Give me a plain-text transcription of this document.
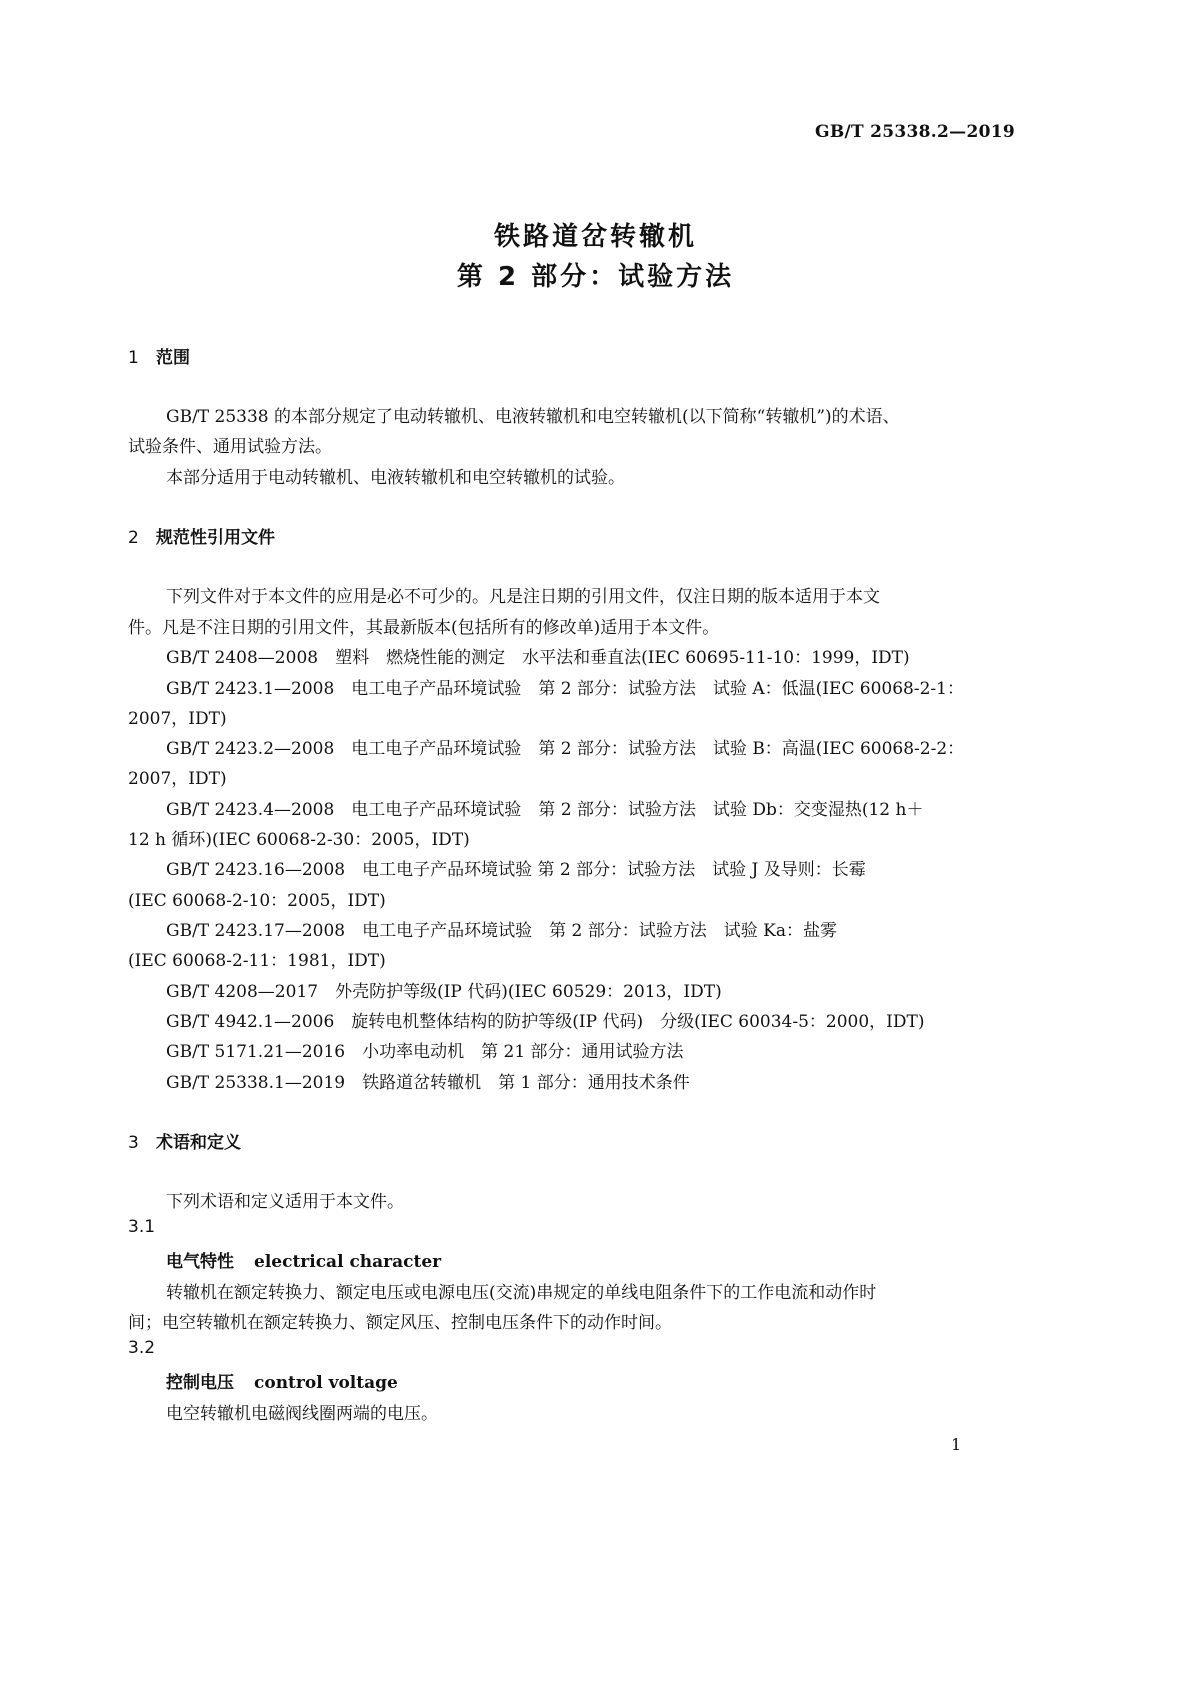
GB/T 25338.2—2019
铁路道岔转辙机
第 2 部分：试验方法
1 范围
GB/T 25338 的本部分规定了电动转辙机、电液转辙机和电空转辙机(以下简称“转辙机”)的术语、
试验条件、通用试验方法。
本部分适用于电动转辙机、电液转辙机和电空转辙机的试验。
2 规范性引用文件
下列文件对于本文件的应用是必不可少的。凡是注日期的引用文件，仅注日期的版本适用于本文
件。凡是不注日期的引用文件，其最新版本(包括所有的修改单)适用于本文件。
GB/T 2408—2008　塑料　燃烧性能的测定　水平法和垂直法(IEC 60695-11-10：1999，IDT)
GB/T 2423.1—2008　电工电子产品环境试验　第 2 部分：试验方法　试验 A：低温(IEC 60068-2-1：
2007，IDT)
GB/T 2423.2—2008　电工电子产品环境试验　第 2 部分：试验方法　试验 B：高温(IEC 60068-2-2：
2007，IDT)
GB/T 2423.4—2008　电工电子产品环境试验　第 2 部分：试验方法　试验 Db：交变湿热(12 h＋
12 h 循环)(IEC 60068-2-30：2005，IDT)
GB/T 2423.16—2008　电工电子产品环境试验 第 2 部分：试验方法　试验 J 及导则：长霉
(IEC 60068-2-10：2005，IDT)
GB/T 2423.17—2008　电工电子产品环境试验　第 2 部分：试验方法　试验 Ka：盐雾
(IEC 60068-2-11：1981，IDT)
GB/T 4208—2017　外壳防护等级(IP 代码)(IEC 60529：2013，IDT)
GB/T 4942.1—2006　旋转电机整体结构的防护等级(IP 代码)　分级(IEC 60034-5：2000，IDT)
GB/T 5171.21—2016　小功率电动机　第 21 部分：通用试验方法
GB/T 25338.1—2019　铁路道岔转辙机　第 1 部分：通用技术条件
3 术语和定义
下列术语和定义适用于本文件。
3.1
电气特性 electrical character
转辙机在额定转换力、额定电压或电源电压(交流)串规定的单线电阻条件下的工作电流和动作时
间；电空转辙机在额定转换力、额定风压、控制电压条件下的动作时间。
3.2
控制电压 control voltage
电空转辙机电磁阀线圈两端的电压。
1
